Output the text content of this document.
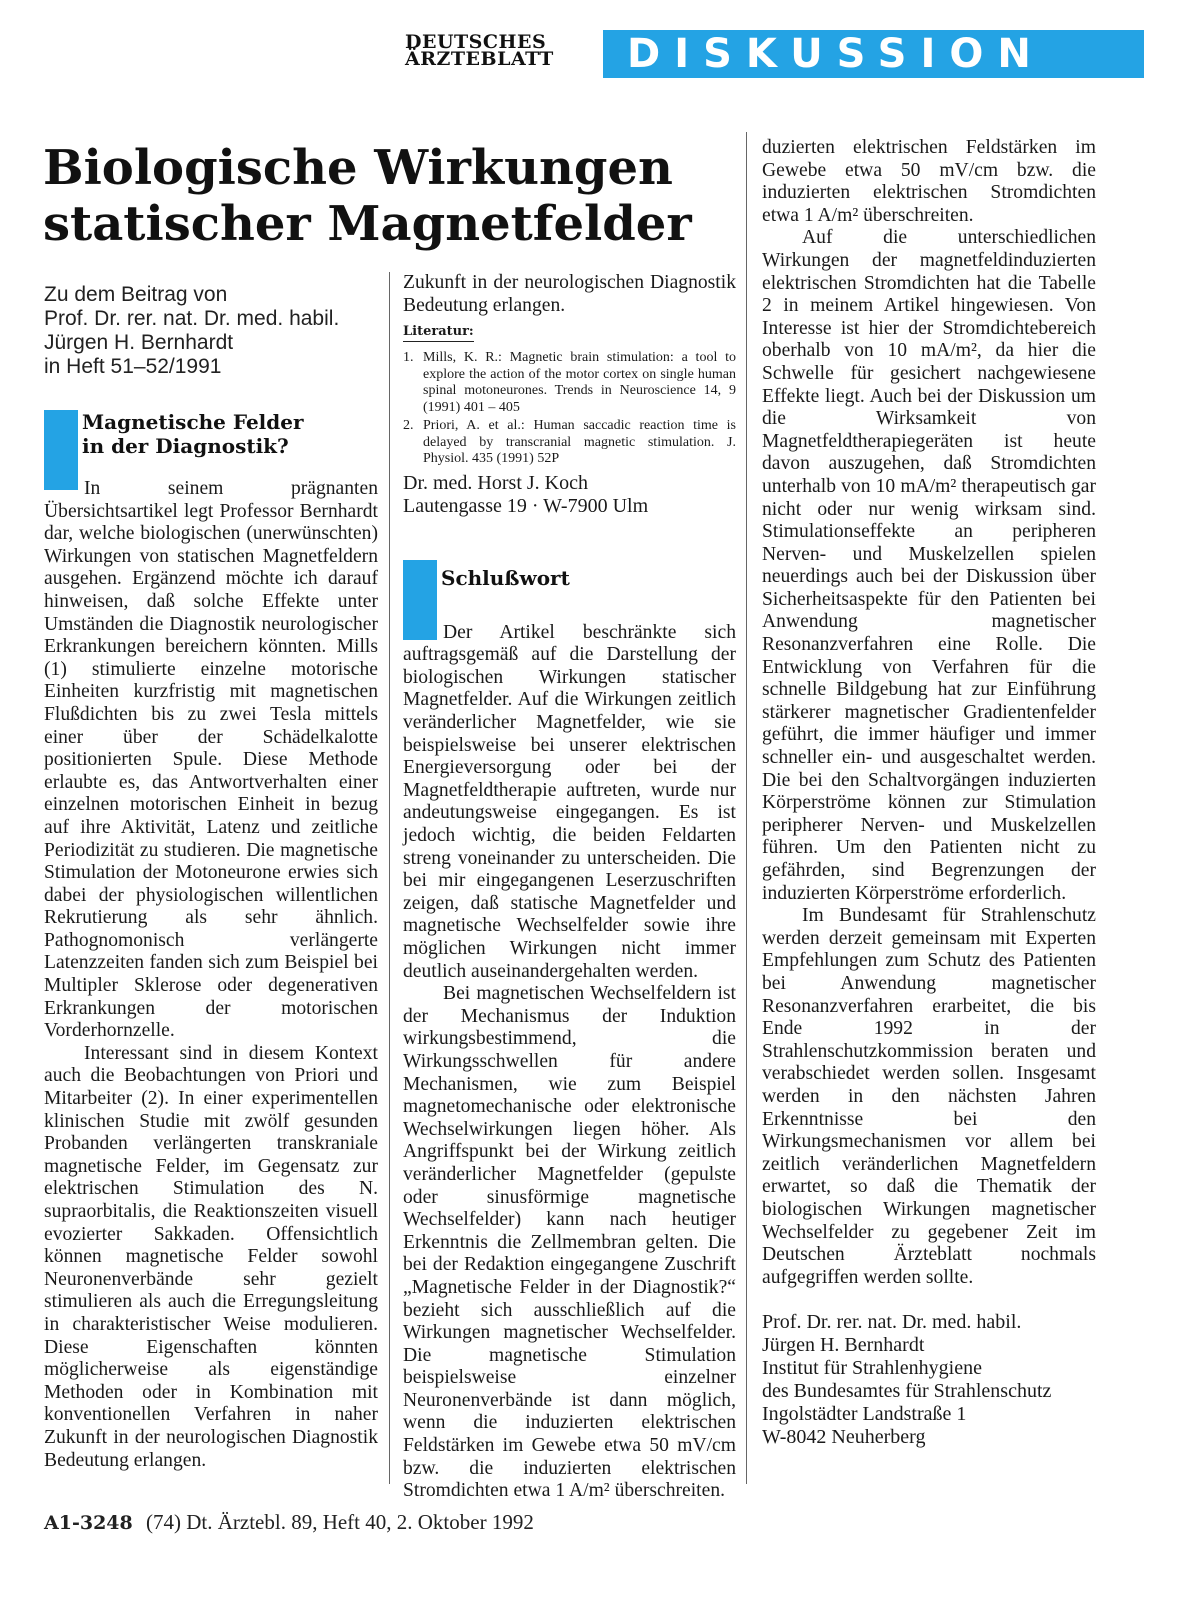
DEUTSCHES
ÄRZTEBLATT DISKUSSION
Biologische Wirkungen
statischer Magnetfelder
Zu dem Beitrag von
Prof. Dr. rer. nat. Dr. med. habil.
Jürgen H. Bernhardt
in Heft 51–52/1991
Magnetische Felder
in der Diagnostik?

In seinem prägnanten Übersichtsartikel legt Professor Bernhardt dar, welche biologischen (unerwünschten) Wirkungen von statischen Magnetfeldern ausgehen. Ergänzend möchte ich darauf hinweisen, daß solche Effekte unter Umständen die Diagnostik neurologischer Erkrankungen bereichern könnten. Mills (1) stimulierte einzelne motorische Einheiten kurzfristig mit magnetischen Flußdichten bis zu zwei Tesla mittels einer über der Schädelkalotte positionierten Spule. Diese Methode erlaubte es, das Antwortverhalten einer einzelnen motorischen Einheit in bezug auf ihre Aktivität, Latenz und zeitliche Periodizität zu studieren. Die magnetische Stimulation der Motoneurone erwies sich dabei der physiologischen willentlichen Rekrutierung als sehr ähnlich. Pathognomonisch verlängerte Latenzzeiten fanden sich zum Beispiel bei Multipler Sklerose oder degenerativen Erkrankungen der motorischen Vorderhornzelle.

Interessant sind in diesem Kontext auch die Beobachtungen von Priori und Mitarbeiter (2). In einer experimentellen klinischen Studie mit zwölf gesunden Probanden verlängerten transkraniale magnetische Felder, im Gegensatz zur elektrischen Stimulation des N. supraorbitalis, die Reaktionszeiten visuell evozierter Sakkaden. Offensichtlich können magnetische Felder sowohl Neuronenverbände sehr gezielt stimulieren als auch die Erregungsleitung in charakteristischer Weise modulieren. Diese Eigenschaften könnten möglicherweise als eigenständige Methoden oder in Kombination mit konventionellen Verfahren in naher Zukunft in der neurologischen Diagnostik Bedeutung erlangen.

Zukunft in der neurologischen Diagnostik Bedeutung erlangen.

Literatur:
1. Mills, K. R.: Magnetic brain stimulation: a tool to explore the action of the motor cortex on single human spinal motoneurones. Trends in Neuroscience 14, 9 (1991) 401 – 405
2. Priori, A. et al.: Human saccadic reaction time is delayed by transcranial magnetic stimulation. J. Physiol. 435 (1991) 52P
Dr. med. Horst J. Koch
Lautengasse 19 · W-7900 Ulm
Schlußwort

Der Artikel beschränkte sich auftragsgemäß auf die Darstellung der biologischen Wirkungen statischer Magnetfelder. Auf die Wirkungen zeitlich veränderlicher Magnetfelder, wie sie beispielsweise bei unserer elektrischen Energieversorgung oder bei der Magnetfeldtherapie auftreten, wurde nur andeutungsweise eingegangen. Es ist jedoch wichtig, die beiden Feldarten streng voneinander zu unterscheiden. Die bei mir eingegangenen Leserzuschriften zeigen, daß statische Magnetfelder und magnetische Wechselfelder sowie ihre möglichen Wirkungen nicht immer deutlich auseinandergehalten werden.

Bei magnetischen Wechselfeldern ist der Mechanismus der Induktion wirkungsbestimmend, die Wirkungsschwellen für andere Mechanismen, wie zum Beispiel magnetomechanische oder elektronische Wechselwirkungen liegen höher. Als Angriffspunkt bei der Wirkung zeitlich veränderlicher Magnetfelder (gepulste oder sinusförmige magnetische Wechselfelder) kann nach heutiger Erkenntnis die Zellmembran gelten. Die bei der Redaktion eingegangene Zuschrift „Magnetische Felder in der Diagnostik?“ bezieht sich ausschließlich auf die Wirkungen magnetischer Wechselfelder. Die magnetische Stimulation beispielsweise einzelner Neuronenverbände ist dann möglich, wenn die induzierten elektrischen Feldstärken im Gewebe etwa 50 mV/cm bzw. die induzierten elektrischen Stromdichten etwa 1 A/m² überschreiten.

duzierten elektrischen Feldstärken im Gewebe etwa 50 mV/cm bzw. die induzierten elektrischen Stromdichten etwa 1 A/m² überschreiten.

Auf die unterschiedlichen Wirkungen der magnetfeldinduzierten elektrischen Stromdichten hat die Tabelle 2 in meinem Artikel hingewiesen. Von Interesse ist hier der Stromdichtebereich oberhalb von 10 mA/m², da hier die Schwelle für gesichert nachgewiesene Effekte liegt. Auch bei der Diskussion um die Wirksamkeit von Magnetfeldtherapiegeräten ist heute davon auszugehen, daß Stromdichten unterhalb von 10 mA/m² therapeutisch gar nicht oder nur wenig wirksam sind. Stimulationseffekte an peripheren Nerven- und Muskelzellen spielen neuerdings auch bei der Diskussion über Sicherheitsaspekte für den Patienten bei Anwendung magnetischer Resonanzverfahren eine Rolle. Die Entwicklung von Verfahren für die schnelle Bildgebung hat zur Einführung stärkerer magnetischer Gradientenfelder geführt, die immer häufiger und immer schneller ein- und ausgeschaltet werden. Die bei den Schaltvorgängen induzierten Körperströme können zur Stimulation peripherer Nerven- und Muskelzellen führen. Um den Patienten nicht zu gefährden, sind Begrenzungen der induzierten Körperströme erforderlich.

Im Bundesamt für Strahlenschutz werden derzeit gemeinsam mit Experten Empfehlungen zum Schutz des Patienten bei Anwendung magnetischer Resonanzverfahren erarbeitet, die bis Ende 1992 in der Strahlenschutzkommission beraten und verabschiedet werden sollen. Insgesamt werden in den nächsten Jahren Erkenntnisse bei den Wirkungsmechanismen vor allem bei zeitlich veränderlichen Magnetfeldern erwartet, so daß die Thematik der biologischen Wirkungen magnetischer Wechselfelder zu gegebener Zeit im Deutschen Ärzteblatt nochmals aufgegriffen werden sollte.

Prof. Dr. rer. nat. Dr. med. habil.
Jürgen H. Bernhardt
Institut für Strahlenhygiene
des Bundesamtes für Strahlenschutz
Ingolstädter Landstraße 1
W-8042 Neuherberg
A1-3248 (74) Dt. Ärztebl. 89, Heft 40, 2. Oktober 1992
